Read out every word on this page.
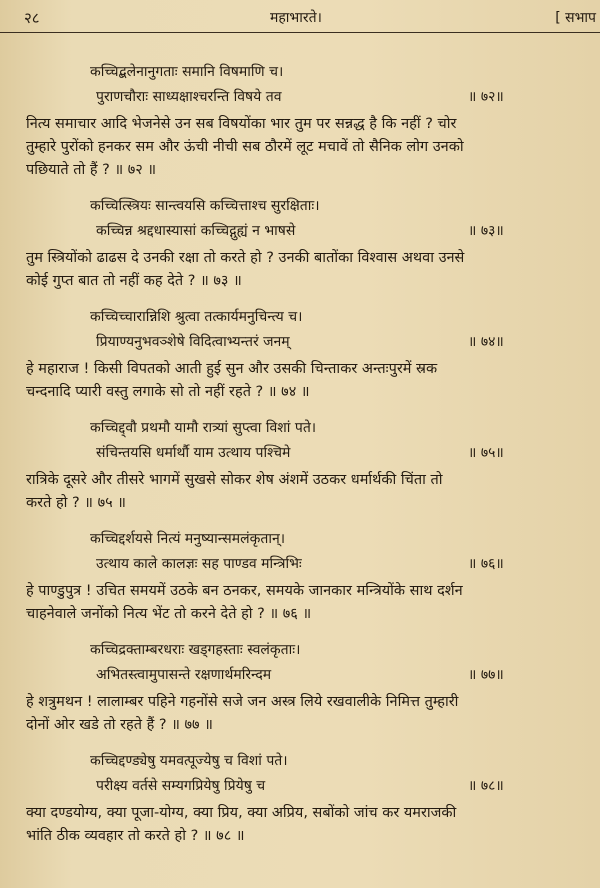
२८	महाभारते।	[ सभाप
कच्चिद्बलेनानुगताः समानि विषमाणि च।
पुराणचौराः साध्यक्षाश्चरन्ति विषये तव	॥ ७२॥
नित्य समाचार आदि भेजनेसे उन सब विषयोंका भार तुम पर सन्नद्ध है कि नहीं ? चोर
तुम्हारे पुरोंको हनकर सम और ऊंची नीची सब ठौरमें लूट मचावें तो सैनिक लोग उनको
पछियाते तो हैं ? ॥ ७२ ॥
कच्चित्स्त्रियः सान्त्वयसि कच्चित्ताश्च सुरक्षिताः।
कच्चिन्न श्रद्दधास्यासां कच्चिद्गुह्यं न भाषसे	॥ ७३॥
तुम स्त्रियोंको ढाढस दे उनकी रक्षा तो करते हो ? उनकी बातोंका विश्वास अथवा उनसे
कोई गुप्त बात तो नहीं कह देते ? ॥ ७३ ॥
कच्चिच्चारान्निशि श्रुत्वा तत्कार्यमनुचिन्त्य च।
प्रियाण्यनुभवञ्शेषे विदित्वाभ्यन्तरं जनम्	॥ ७४॥
हे महाराज ! किसी विपतको आती हुई सुन और उसकी चिन्ताकर अन्तःपुरमें स्रक
चन्दनादि प्यारी वस्तु लगाके सो तो नहीं रहते ? ॥ ७४ ॥
कच्चिद्द्वौ प्रथमौ यामौ रात्र्यां सुप्त्वा विशां पते।
संचिन्तयसि धर्मार्थौ याम उत्थाय पश्चिमे	॥ ७५॥
रात्रिके दूसरे और तीसरे भागमें सुखसे सोकर शेष अंशमें उठकर धर्मार्थकी चिंता तो
करते हो ? ॥ ७५ ॥
कच्चिद्दर्शयसे नित्यं मनुष्यान्समलंकृतान्।
उत्थाय काले कालज्ञः सह पाण्डव मन्त्रिभिः	॥ ७६॥
हे पाण्डुपुत्र ! उचित समयमें उठके बन ठनकर, समयके जानकार मन्त्रियोंके साथ दर्शन
चाहनेवाले जनोंको नित्य भेंट तो करने देते हो ? ॥ ७६ ॥
कच्चिद्रक्ताम्बरधराः खड्गहस्ताः स्वलंकृताः।
अभितस्त्वामुपासन्ते रक्षणार्थमरिन्दम	॥ ७७॥
हे शत्रुमथन ! लालाम्बर पहिने गहनोंसे सजे जन अस्त्र लिये रखवालीके निमित्त तुम्हारी
दोनों ओर खडे तो रहते हैं ? ॥ ७७ ॥
कच्चिद्दण्ड्येषु यमवत्पूज्येषु च विशां पते।
परीक्ष्य वर्तसे सम्यगप्रियेषु प्रियेषु च	॥ ७८॥
क्या दण्डयोग्य, क्या पूजा-योग्य, क्या प्रिय, क्या अप्रिय, सबोंको जांच कर यमराजकी
भांति ठीक व्यवहार तो करते हो ? ॥ ७८ ॥
